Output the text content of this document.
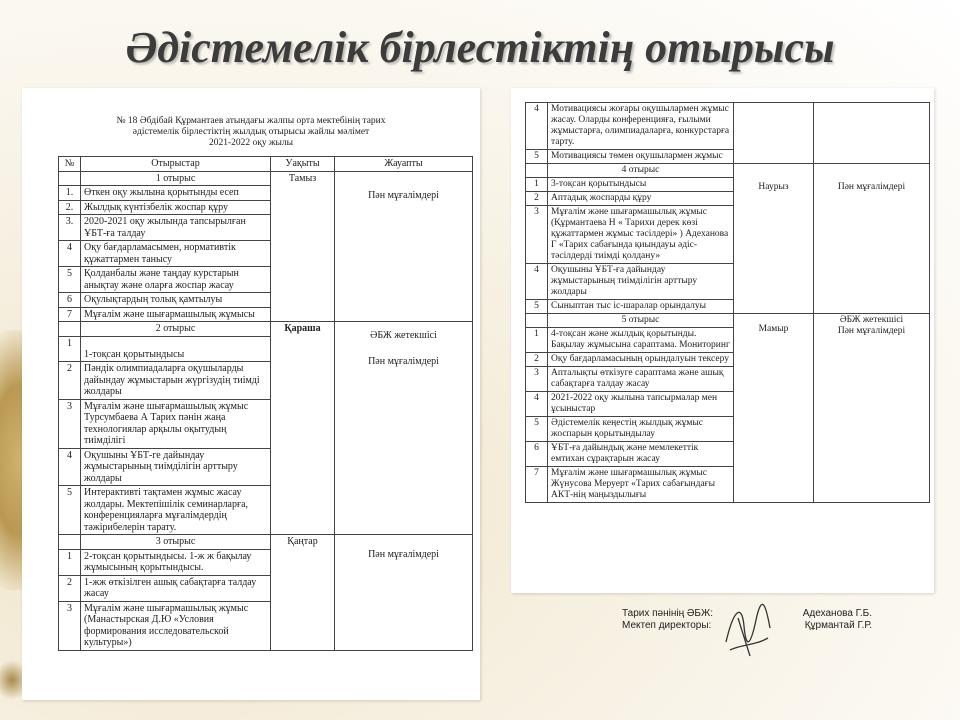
Әдістемелік бірлестіктің отырысы
№ 18 Әбдібай Құрмантаев атындағы жалпы орта мектебінің тарих
әдістемелік бірлестіктің жылдық отырысы жайлы мәлімет
2021-2022 оқу жылы
№	Отырыстар	Уақыты	Жауапты
	1 отырыс	Тамыз	Пән мұғалімдері
1.	Өткен оқу жылына қорытынды есеп		
2.	Жылдық күнтізбелік жоспар құру		
3.	2020-2021 оқу жылында тапсырылған ҰБТ-ға талдау		
4	Оқу бағдарламасымен, нормативтік құжаттармен танысу		
5	Қолданбалы және таңдау курстарын анықтау және оларға жоспар жасау		
6	Оқулықтардың толық қамтылуы		
7	Мұғалім және шығармашылық жұмысы		
	2 отырыс	Қараша	ӘБЖ жетекшісі
Пән мұғалімдері

1	1-тоқсан қорытындысы		
2	Пәндік олимпиадаларға оқушыларды дайындау жұмыстарын жүргізудің тиімді жолдары		
3	Мұғалім және шығармашылық жұмыс Турсумбаева А Тарих пәнін жаңа технологиялар арқылы оқытудың тиімділігі		
4	Оқушыны ҰБТ-ге дайындау жұмыстарының тиімділігін арттыру жолдары		
5	Интерактивті тақтамен жұмыс жасау жолдары. Мектепішілік семинарларға, конференцияларға мұғалімдердің тәжірибелерін тарату.		
	3 отырыс	Қаңтар	Пән мұғалімдері
1	2-тоқсан қорытындысы. 1-ж ж бақылау жұмысының қорытындысы.		
2	1-жж өткізілген ашық сабақтарға талдау жасау		
3	Мұғалім және шығармашылық жұмыс (Манастырская Д.Ю «Условия формирования исследовательской культуры»)		
4	Мотивациясы жоғары оқушылармен жұмыс жасау. Оларды конференцияға, ғылыми жұмыстарға, олимпиадаларға, конкурстарға тарту.		
5	Мотивациясы төмен оқушылармен жұмыс		
	4 отырыс	Наурыз	Пән мұғалімдері
1	3-тоқсан қорытындысы		
2	Аптадық жоспарды құру		
3	Мұғалім және шығармашылық жұмыс (Құрмантаева Н « Тарихи дерек көзі құжаттармен жұмыс тәсілдері» ) Адеханова Г «Тарих сабағында қиындауы әдіс-тәсілдерді тиімді қолдану»		
4	Оқушыны ҰБТ-ға дайындау жұмыстарының тиімділігін арттыру жолдары		
5	Сыныптан тыс іс-шаралар орындалуы		
	5 отырыс	Мамыр	ӘБЖ жетекшісі
Пән мұғалімдері

1	4-тоқсан және жылдық қорытынды. Бақылау жұмысына сараптама. Мониторинг		
2	Оқу бағдарламасының орындалуын тексеру		
3	Апталықты өткізуге сараптама және ашық сабақтарға талдау жасау		
4	2021-2022 оқу жылына тапсырмалар мен ұсыныстар		
5	Әдістемелік кеңестің жылдық жұмыс жоспарын қорытындылау		
6	ҰБТ-ға дайындық және мемлекеттік емтихан сұрақтарын жасау		
7	Мұғалім және шығармашылық жұмыс Жүнусова Меруерт «Тарих сабағындағы АКТ-нің маңыздылығы		
Тарих пәнінің ӘБЖ:	Адеханова Г.Б.
Мектеп директоры:	Құрмантай Г.Р.
